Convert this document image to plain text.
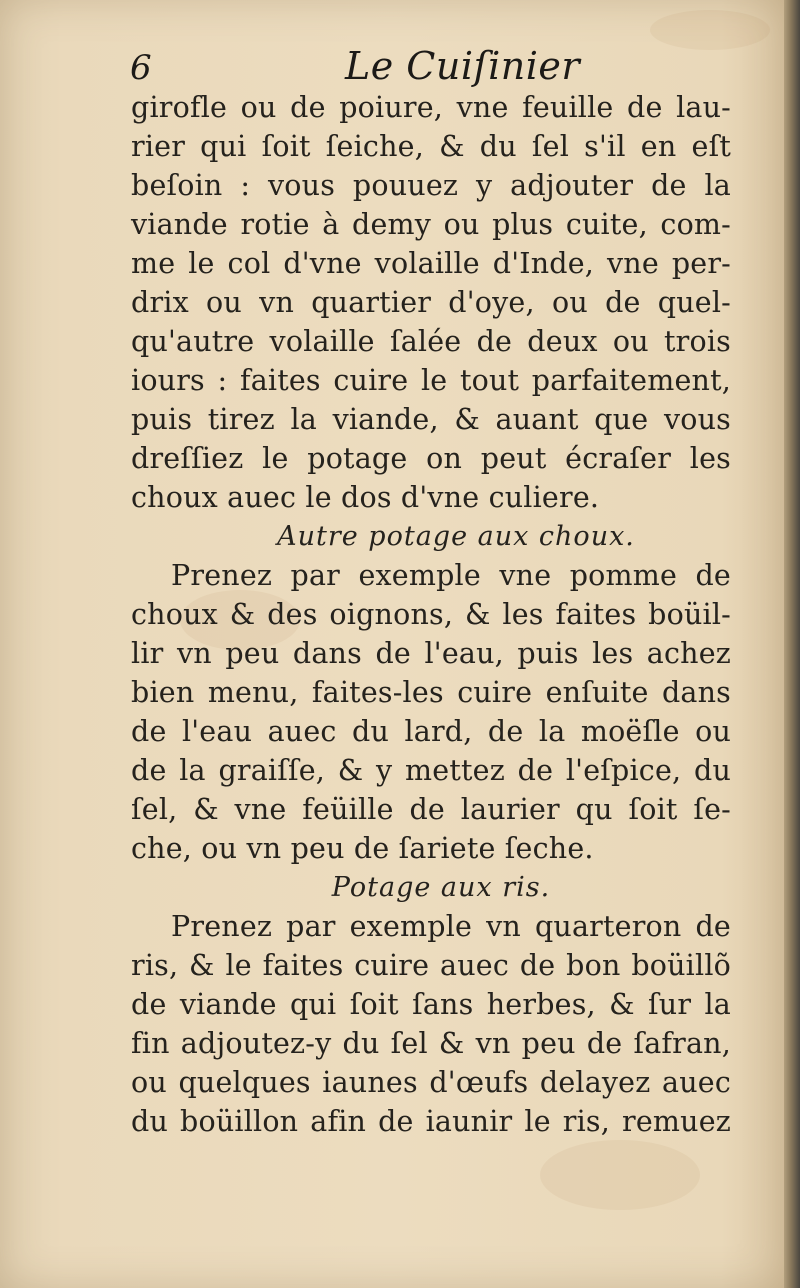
6	Le Cuiſinier
girofle ou de poiure, vne feuille de lau-
rier qui ſoit ſeiche, & du ſel s'il en eſt
beſoin : vous pouuez y adjouter de la
viande rotie à demy ou plus cuite, com-
me le col d'vne volaille d'Inde, vne per-
drix ou vn quartier d'oye, ou de quel-
qu'autre volaille ſalée de deux ou trois
iours : faites cuire le tout parfaitement,
puis tirez la viande, & auant que vous
dreſſiez le potage on peut écraſer les
choux auec le dos d'vne culiere.
Autre potage aux choux.
Prenez par exemple vne pomme de
choux & des oignons, & les faites boüil-
lir vn peu dans de l'eau, puis les achez
bien menu, faites-les cuire enſuite dans
de l'eau auec du lard, de la moëſle ou
de la graiſſe, & y mettez de l'eſpice, du
ſel, & vne feüille de laurier qu ſoit ſe-
che, ou vn peu de ſariete ſeche.
Potage aux ris.
Prenez par exemple vn quarteron de
ris, & le faites cuire auec de bon boüillõ
de viande qui ſoit ſans herbes, & ſur la
fin adjoutez-y du ſel & vn peu de ſafran,
ou quelques iaunes d'œufs delayez auec
du boüillon afin de iaunir le ris, remuez
